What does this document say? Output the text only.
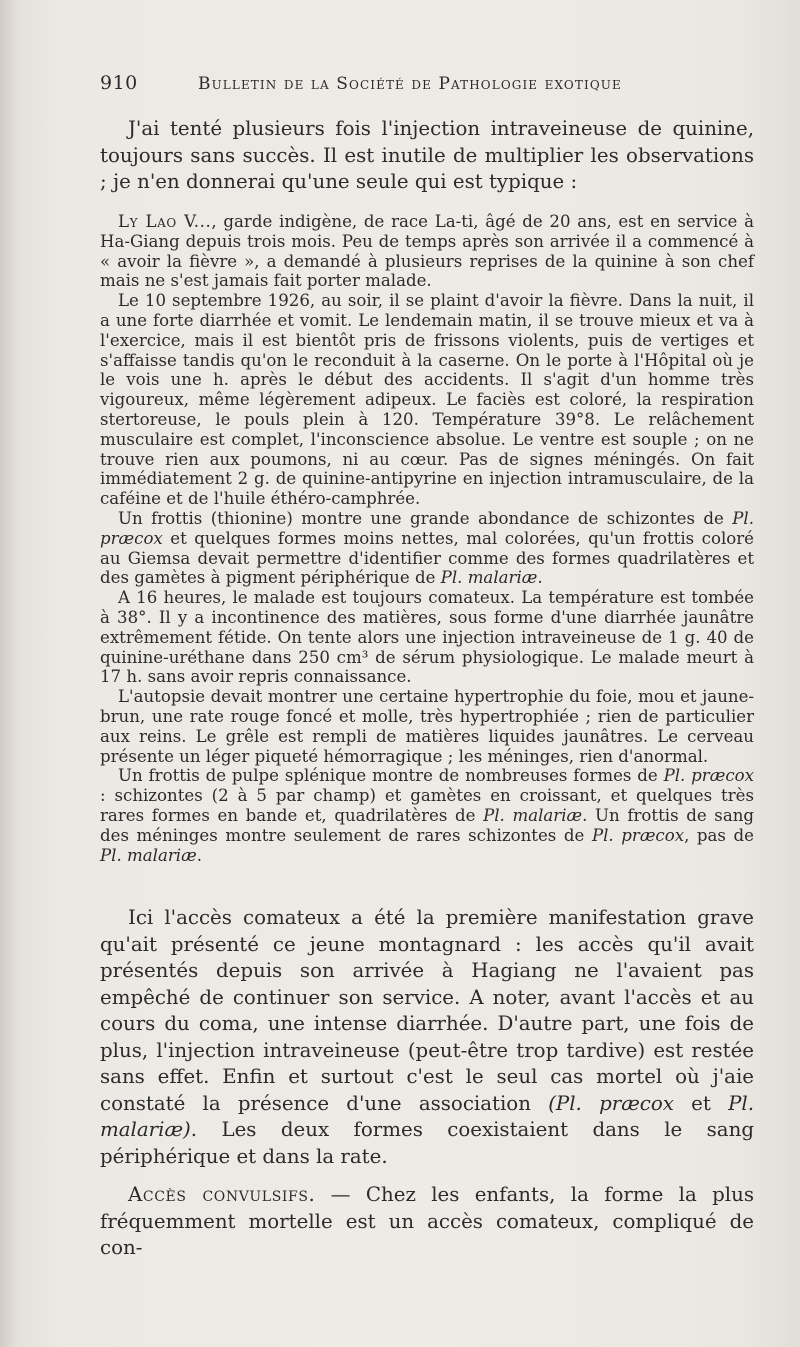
910	Bulletin de la Société de Pathologie exotique

J'ai tenté plusieurs fois l'injection intraveineuse de quinine, toujours sans succès. Il est inutile de multiplier les observations ; je n'en donnerai qu'une seule qui est typique :

Ly Lao V..., garde indigène, de race La-ti, âgé de 20 ans, est en service à Ha-Giang depuis trois mois. Peu de temps après son arrivée il a commencé à « avoir la fièvre », a demandé à plusieurs reprises de la quinine à son chef mais ne s'est jamais fait porter malade.

Le 10 septembre 1926, au soir, il se plaint d'avoir la fièvre. Dans la nuit, il a une forte diarrhée et vomit. Le lendemain matin, il se trouve mieux et va à l'exercice, mais il est bientôt pris de frissons violents, puis de vertiges et s'affaisse tandis qu'on le reconduit à la caserne. On le porte à l'Hôpital où je le vois une h. après le début des accidents. Il s'agit d'un homme très vigoureux, même légèrement adipeux. Le faciès est coloré, la respiration stertoreuse, le pouls plein à 120. Température 39°8. Le relâchement musculaire est complet, l'inconscience absolue. Le ventre est souple ; on ne trouve rien aux poumons, ni au cœur. Pas de signes méningés. On fait immédiatement 2 g. de quinine-antipyrine en injection intramusculaire, de la caféine et de l'huile éthéro-camphrée.

Un frottis (thionine) montre une grande abondance de schizontes de Pl. præcox et quelques formes moins nettes, mal colorées, qu'un frottis coloré au Giemsa devait permettre d'identifier comme des formes quadrilatères et des gamètes à pigment périphérique de Pl. malariæ.

A 16 heures, le malade est toujours comateux. La température est tombée à 38°. Il y a incontinence des matières, sous forme d'une diarrhée jaunâtre extrêmement fétide. On tente alors une injection intraveineuse de 1 g. 40 de quinine-uréthane dans 250 cm³ de sérum physiologique. Le malade meurt à 17 h. sans avoir repris connaissance.

L'autopsie devait montrer une certaine hypertrophie du foie, mou et jaune-brun, une rate rouge foncé et molle, très hypertrophiée ; rien de particulier aux reins. Le grêle est rempli de matières liquides jaunâtres. Le cerveau présente un léger piqueté hémorragique ; les méninges, rien d'anormal.

Un frottis de pulpe splénique montre de nombreuses formes de Pl. præcox : schizontes (2 à 5 par champ) et gamètes en croissant, et quelques très rares formes en bande et, quadrilatères de Pl. malariæ. Un frottis de sang des méninges montre seulement de rares schizontes de Pl. præcox, pas de Pl. malariæ.

Ici l'accès comateux a été la première manifestation grave qu'ait présenté ce jeune montagnard : les accès qu'il avait présentés depuis son arrivée à Hagiang ne l'avaient pas empêché de continuer son service. A noter, avant l'accès et au cours du coma, une intense diarrhée. D'autre part, une fois de plus, l'injection intraveineuse (peut-être trop tardive) est restée sans effet. Enfin et surtout c'est le seul cas mortel où j'aie constaté la présence d'une association (Pl. præcox et Pl. malariæ). Les deux formes coexistaient dans le sang périphérique et dans la rate.

Accès convulsifs. — Chez les enfants, la forme la plus fréquemment mortelle est un accès comateux, compliqué de con-
